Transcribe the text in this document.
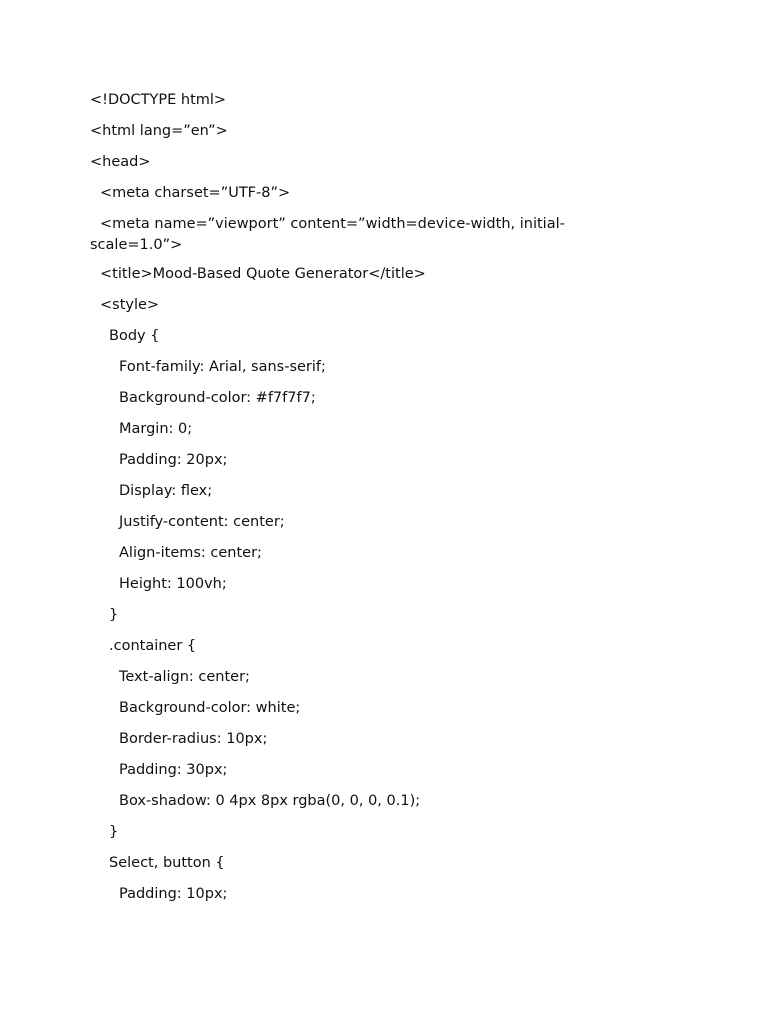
<!DOCTYPE html>
<html lang=”en”>
<head>
<meta charset=”UTF-8”>
<meta name=”viewport” content=”width=device-width, initial-
scale=1.0”>
<title>Mood-Based Quote Generator</title>
<style>
Body {
Font-family: Arial, sans-serif;
Background-color: #f7f7f7;
Margin: 0;
Padding: 20px;
Display: flex;
Justify-content: center;
Align-items: center;
Height: 100vh;
}
.container {
Text-align: center;
Background-color: white;
Border-radius: 10px;
Padding: 30px;
Box-shadow: 0 4px 8px rgba(0, 0, 0, 0.1);
}
Select, button {
Padding: 10px;
